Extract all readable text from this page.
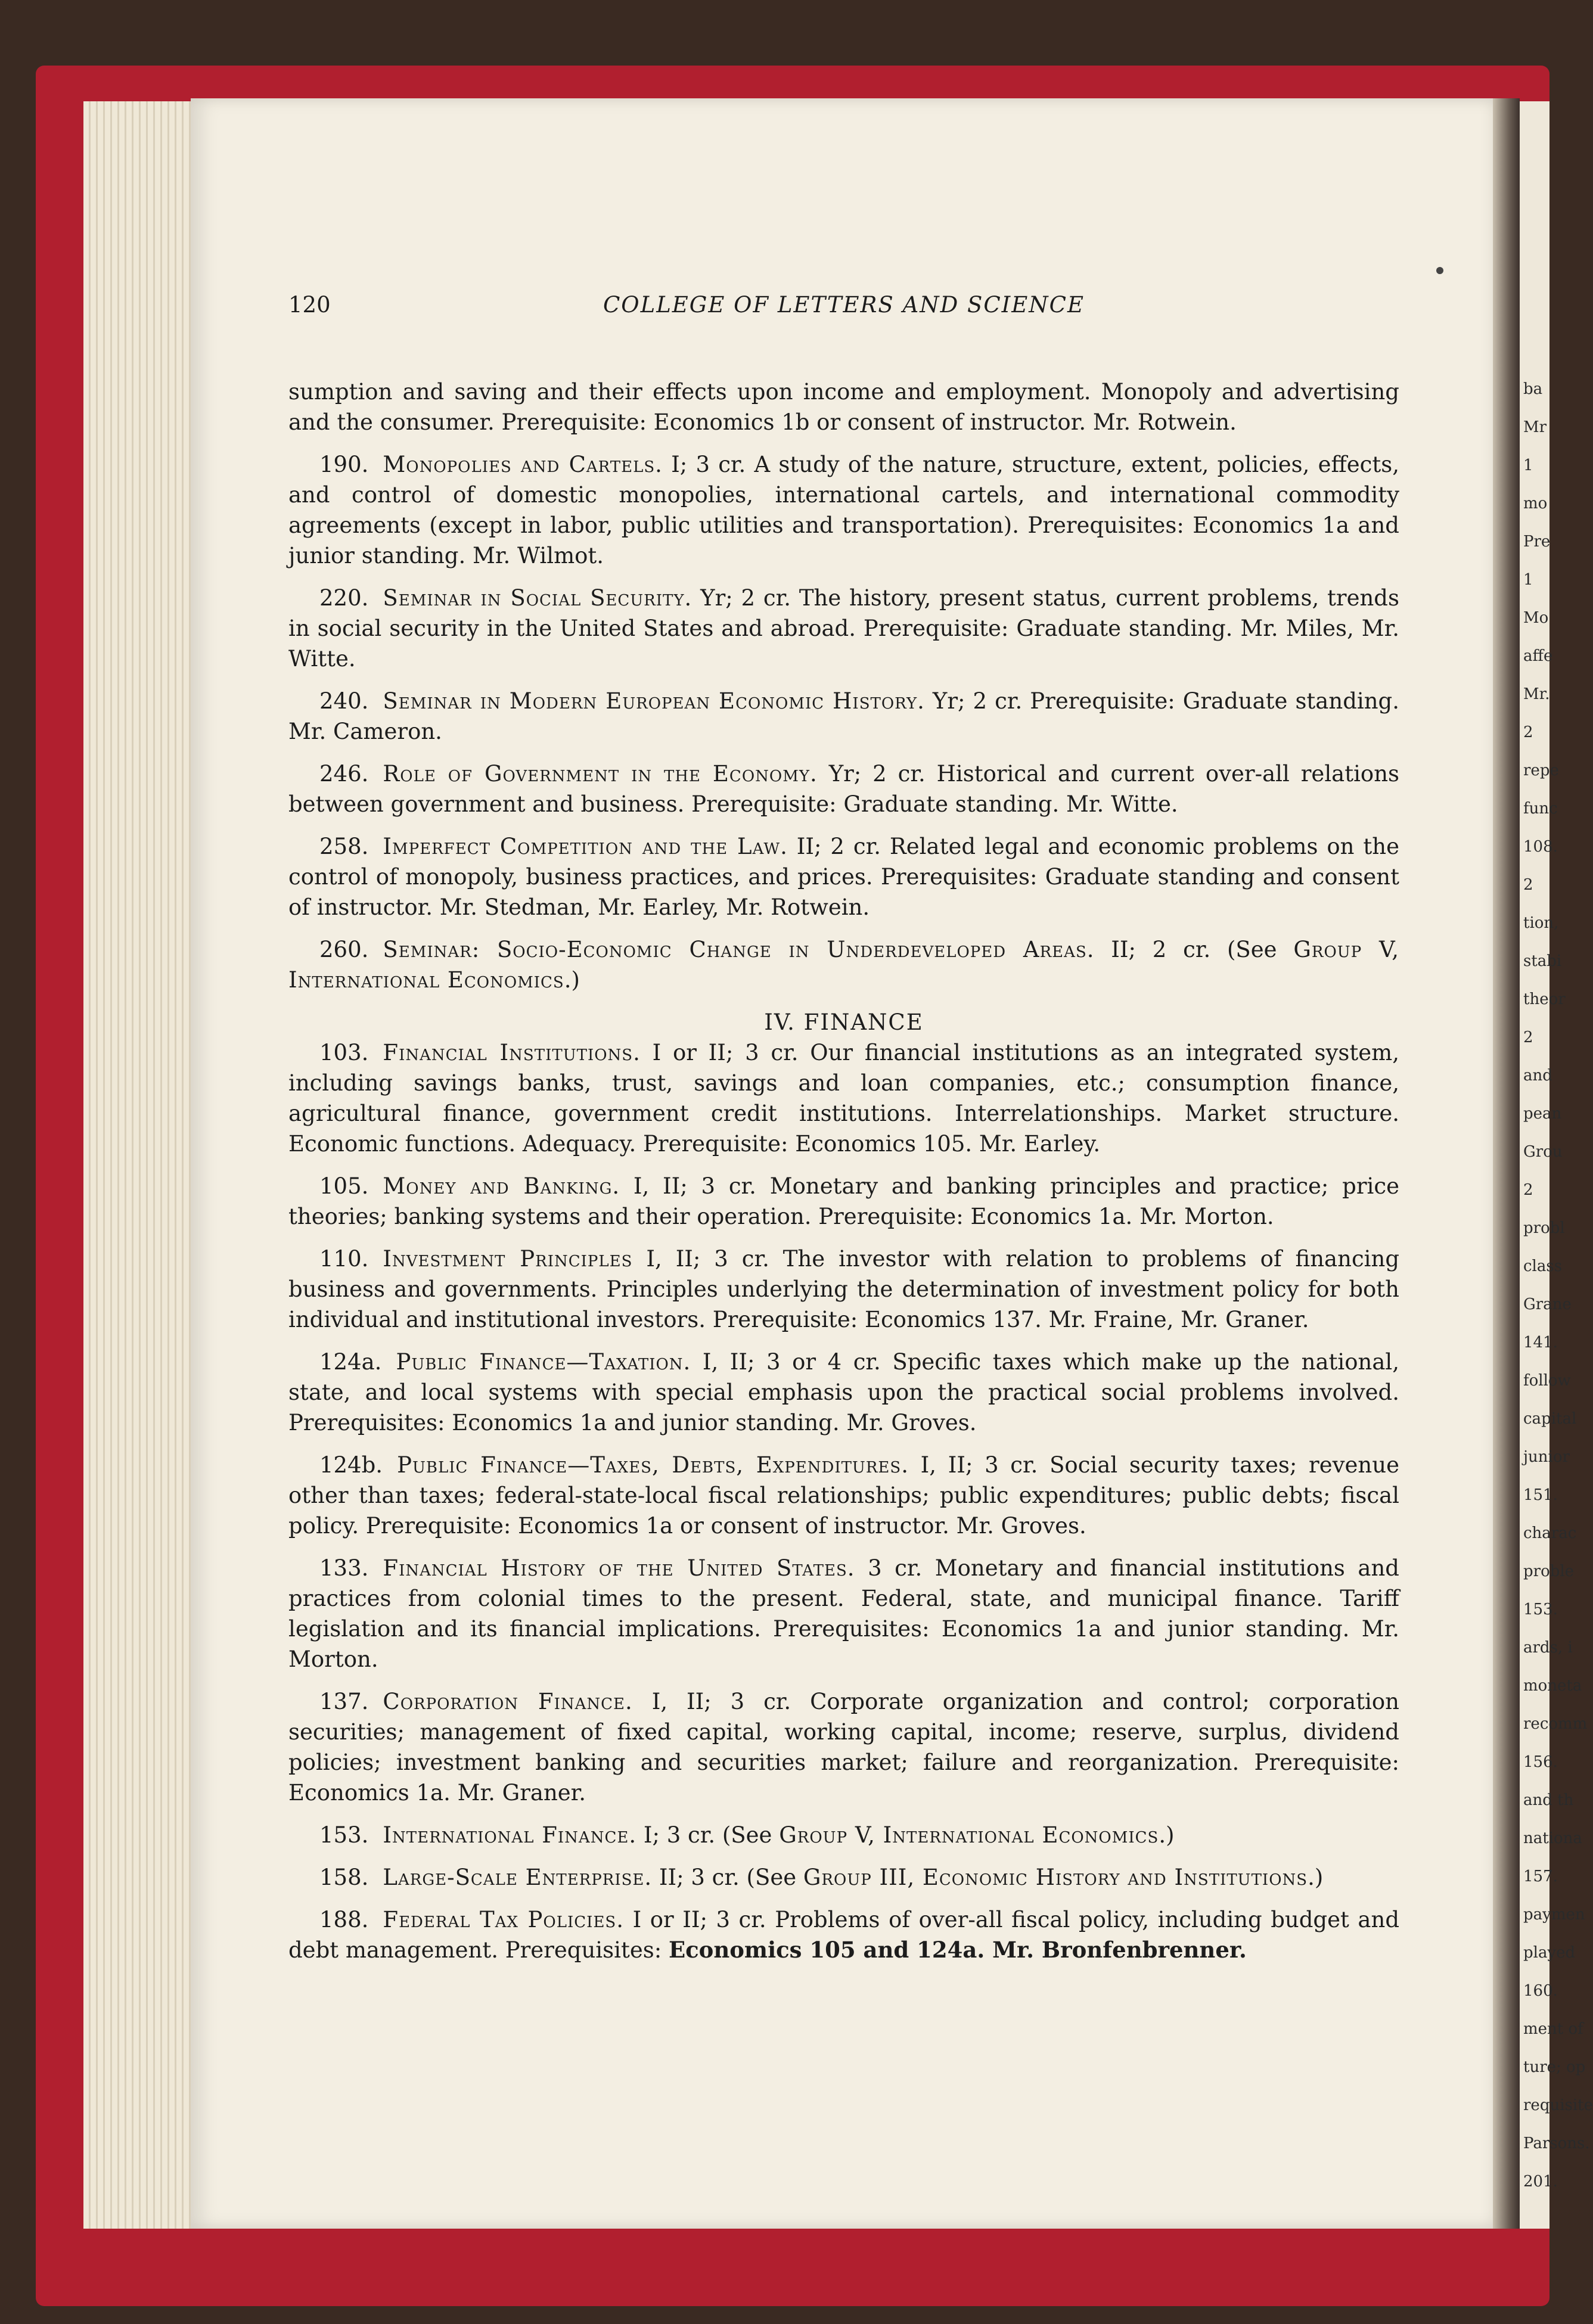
ba
Mr
1
mo
Pre
1
Mo
affe
Mr.
2
repe
func
108.
2
tion,
stabi
theor
2
and
pean
Grou
2
probl
class
Grane
141.
follow
capital
junior
151.
charac
proble
153.
ards, i
moneta
recomm
156.
and th
nationa
157.
paymen
played
160.
ment of
ture; op
requisite
Parsons.
201.
120	COLLEGE OF LETTERS AND SCIENCE

sumption and saving and their effects upon income and employment. Monopoly and advertising and the consumer. Prerequisite: Economics 1b or consent of instructor. Mr. Rotwein.

190. Monopolies and Cartels. I; 3 cr. A study of the nature, structure, extent, policies, effects, and control of domestic monopolies, international cartels, and international commodity agreements (except in labor, public utilities and transportation). Prerequisites: Economics 1a and junior standing. Mr. Wilmot.

220. Seminar in Social Security. Yr; 2 cr. The history, present status, current problems, trends in social security in the United States and abroad. Prerequisite: Graduate standing. Mr. Miles, Mr. Witte.

240. Seminar in Modern European Economic History. Yr; 2 cr. Prerequisite: Graduate standing. Mr. Cameron.

246. Role of Government in the Economy. Yr; 2 cr. Historical and current over-all relations between government and business. Prerequisite: Graduate standing. Mr. Witte.

258. Imperfect Competition and the Law. II; 2 cr. Related legal and economic problems on the control of monopoly, business practices, and prices. Prerequisites: Graduate standing and consent of instructor. Mr. Stedman, Mr. Earley, Mr. Rotwein.

260. Seminar: Socio-Economic Change in Underdeveloped Areas. II; 2 cr. (See Group V, International Economics.)

IV. FINANCE

103. Financial Institutions. I or II; 3 cr. Our financial institutions as an integrated system, including savings banks, trust, savings and loan companies, etc.; consumption finance, agricultural finance, government credit institutions. Interrelationships. Market structure. Economic functions. Adequacy. Prerequisite: Economics 105. Mr. Earley.

105. Money and Banking. I, II; 3 cr. Monetary and banking principles and practice; price theories; banking systems and their operation. Prerequisite: Economics 1a. Mr. Morton.

110. Investment Principles I, II; 3 cr. The investor with relation to problems of financing business and governments. Principles underlying the determination of investment policy for both individual and institutional investors. Prerequisite: Economics 137. Mr. Fraine, Mr. Graner.

124a. Public Finance—Taxation. I, II; 3 or 4 cr. Specific taxes which make up the national, state, and local systems with special emphasis upon the practical social problems involved. Prerequisites: Economics 1a and junior standing. Mr. Groves.

124b. Public Finance—Taxes, Debts, Expenditures. I, II; 3 cr. Social security taxes; revenue other than taxes; federal-state-local fiscal relationships; public expenditures; public debts; fiscal policy. Prerequisite: Economics 1a or consent of instructor. Mr. Groves.

133. Financial History of the United States. 3 cr. Monetary and financial institutions and practices from colonial times to the present. Federal, state, and municipal finance. Tariff legislation and its financial implications. Prerequisites: Economics 1a and junior standing. Mr. Morton.

137. Corporation Finance. I, II; 3 cr. Corporate organization and control; corporation securities; management of fixed capital, working capital, income; reserve, surplus, dividend policies; investment banking and securities market; failure and reorganization. Prerequisite: Economics 1a. Mr. Graner.

153. International Finance. I; 3 cr. (See Group V, International Economics.)

158. Large-Scale Enterprise. II; 3 cr. (See Group III, Economic History and Institutions.)

188. Federal Tax Policies. I or II; 3 cr. Problems of over-all fiscal policy, including budget and debt management. Prerequisites: Economics 105 and 124a. Mr. Bronfenbrenner.
